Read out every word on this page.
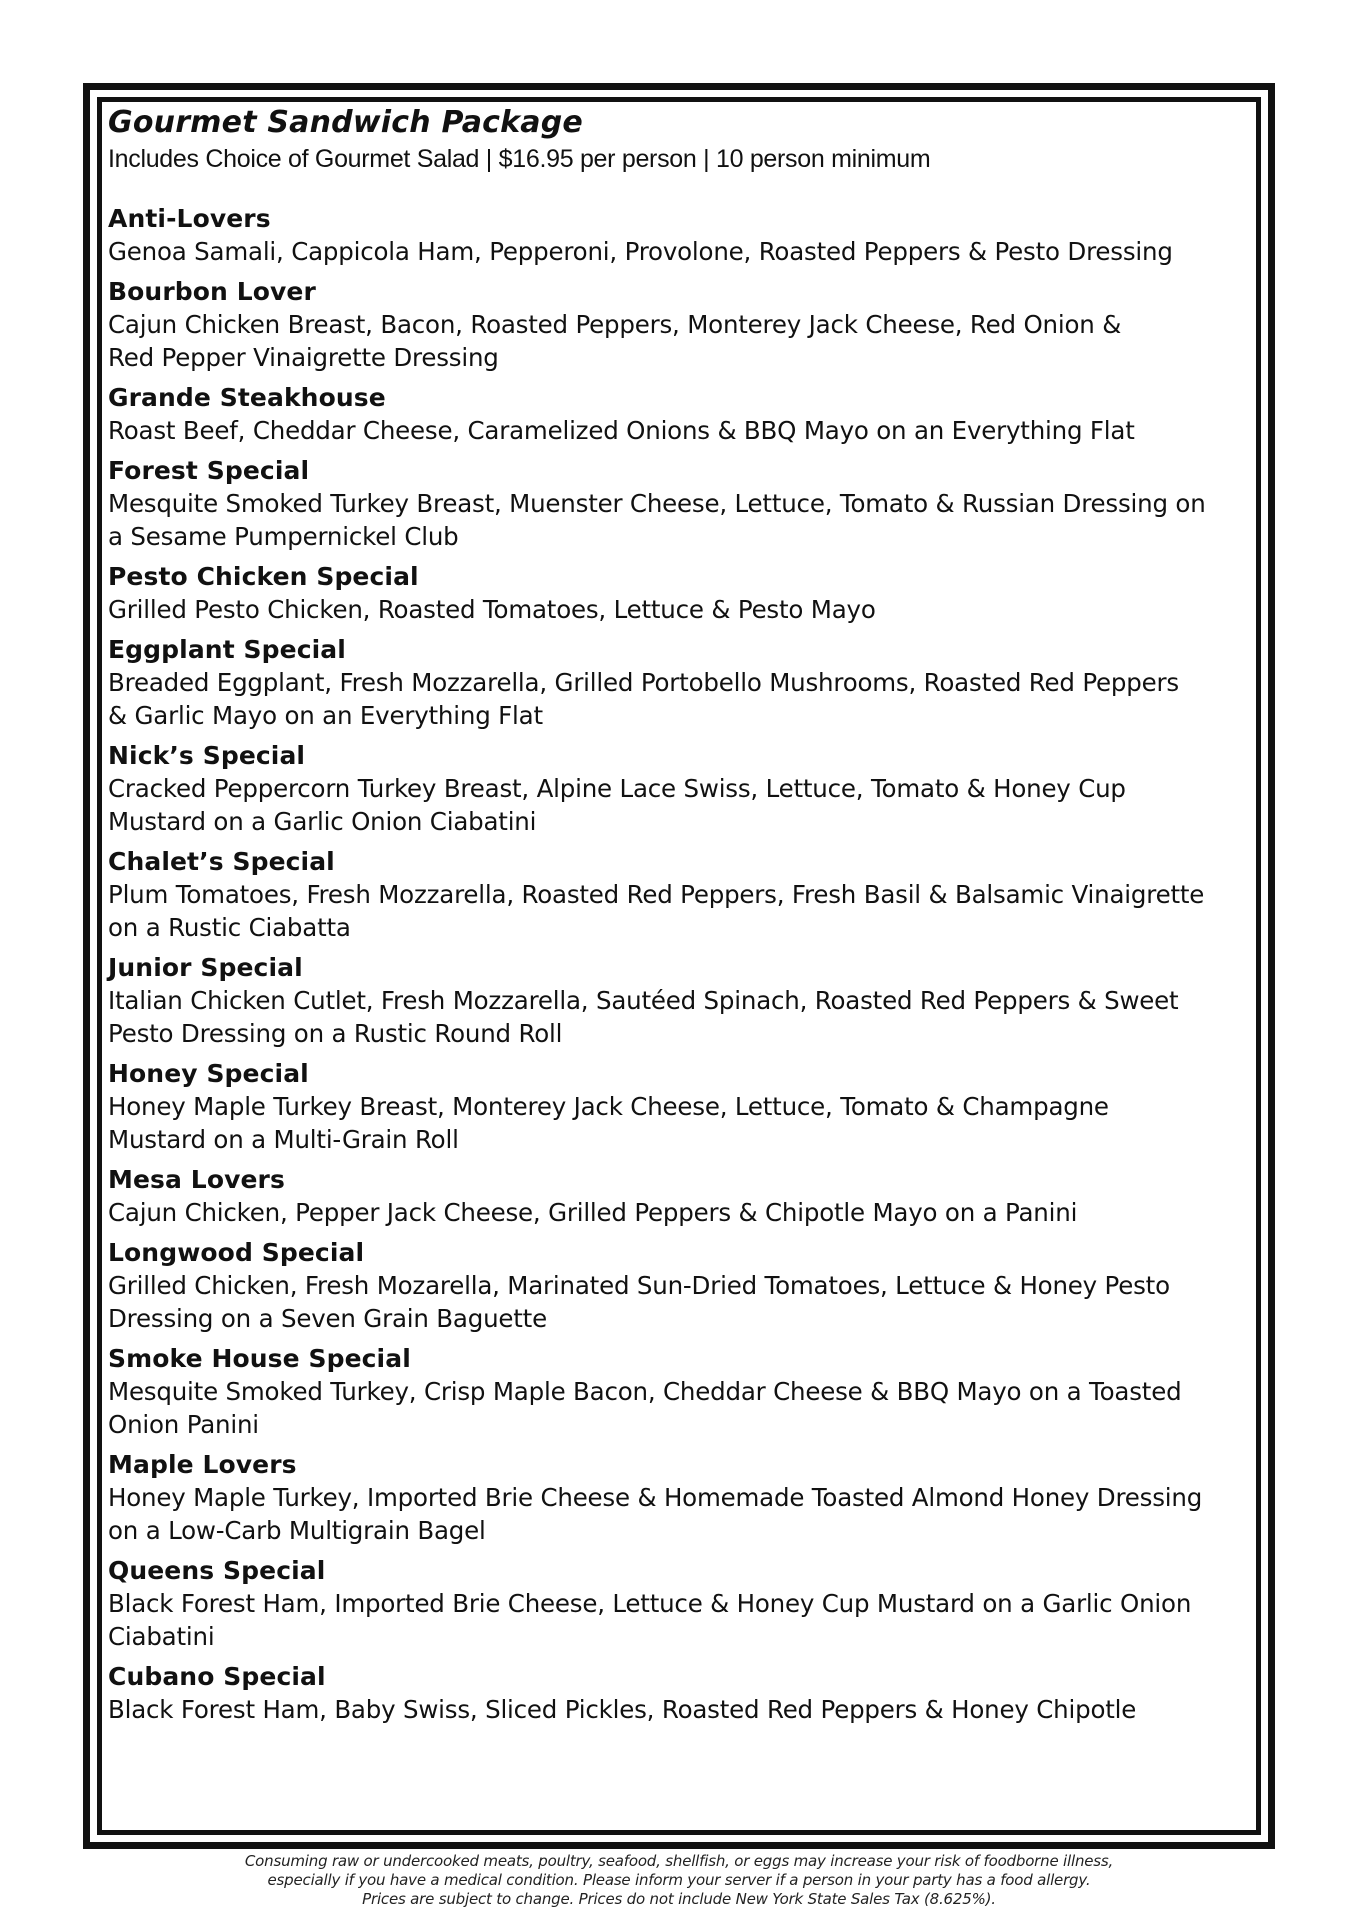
Gourmet Sandwich Package
Includes Choice of Gourmet Salad | $16.95 per person | 10 person minimum
Anti-Lovers
Genoa Samali, Cappicola Ham, Pepperoni, Provolone, Roasted Peppers & Pesto Dressing
Bourbon Lover
Cajun Chicken Breast, Bacon, Roasted Peppers, Monterey Jack Cheese, Red Onion &
Red Pepper Vinaigrette Dressing
Grande Steakhouse
Roast Beef, Cheddar Cheese, Caramelized Onions & BBQ Mayo on an Everything Flat
Forest Special
Mesquite Smoked Turkey Breast, Muenster Cheese, Lettuce, Tomato & Russian Dressing on
a Sesame Pumpernickel Club
Pesto Chicken Special
Grilled Pesto Chicken, Roasted Tomatoes, Lettuce & Pesto Mayo
Eggplant Special
Breaded Eggplant, Fresh Mozzarella, Grilled Portobello Mushrooms, Roasted Red Peppers
& Garlic Mayo on an Everything Flat
Nick’s Special
Cracked Peppercorn Turkey Breast, Alpine Lace Swiss, Lettuce, Tomato & Honey Cup
Mustard on a Garlic Onion Ciabatini
Chalet’s Special
Plum Tomatoes, Fresh Mozzarella, Roasted Red Peppers, Fresh Basil & Balsamic Vinaigrette
on a Rustic Ciabatta
Junior Special
Italian Chicken Cutlet, Fresh Mozzarella, Sautéed Spinach, Roasted Red Peppers & Sweet
Pesto Dressing on a Rustic Round Roll
Honey Special
Honey Maple Turkey Breast, Monterey Jack Cheese, Lettuce, Tomato & Champagne
Mustard on a Multi-Grain Roll
Mesa Lovers
Cajun Chicken, Pepper Jack Cheese, Grilled Peppers & Chipotle Mayo on a Panini
Longwood Special
Grilled Chicken, Fresh Mozarella, Marinated Sun-Dried Tomatoes, Lettuce & Honey Pesto
Dressing on a Seven Grain Baguette
Smoke House Special
Mesquite Smoked Turkey, Crisp Maple Bacon, Cheddar Cheese & BBQ Mayo on a Toasted
Onion Panini
Maple Lovers
Honey Maple Turkey, Imported Brie Cheese & Homemade Toasted Almond Honey Dressing
on a Low-Carb Multigrain Bagel
Queens Special
Black Forest Ham, Imported Brie Cheese, Lettuce & Honey Cup Mustard on a Garlic Onion
Ciabatini
Cubano Special
Black Forest Ham, Baby Swiss, Sliced Pickles, Roasted Red Peppers & Honey Chipotle
Consuming raw or undercooked meats, poultry, seafood, shellfish, or eggs may increase your risk of foodborne illness,
especially if you have a medical condition. Please inform your server if a person in your party has a food allergy.
Prices are subject to change. Prices do not include New York State Sales Tax (8.625%).
